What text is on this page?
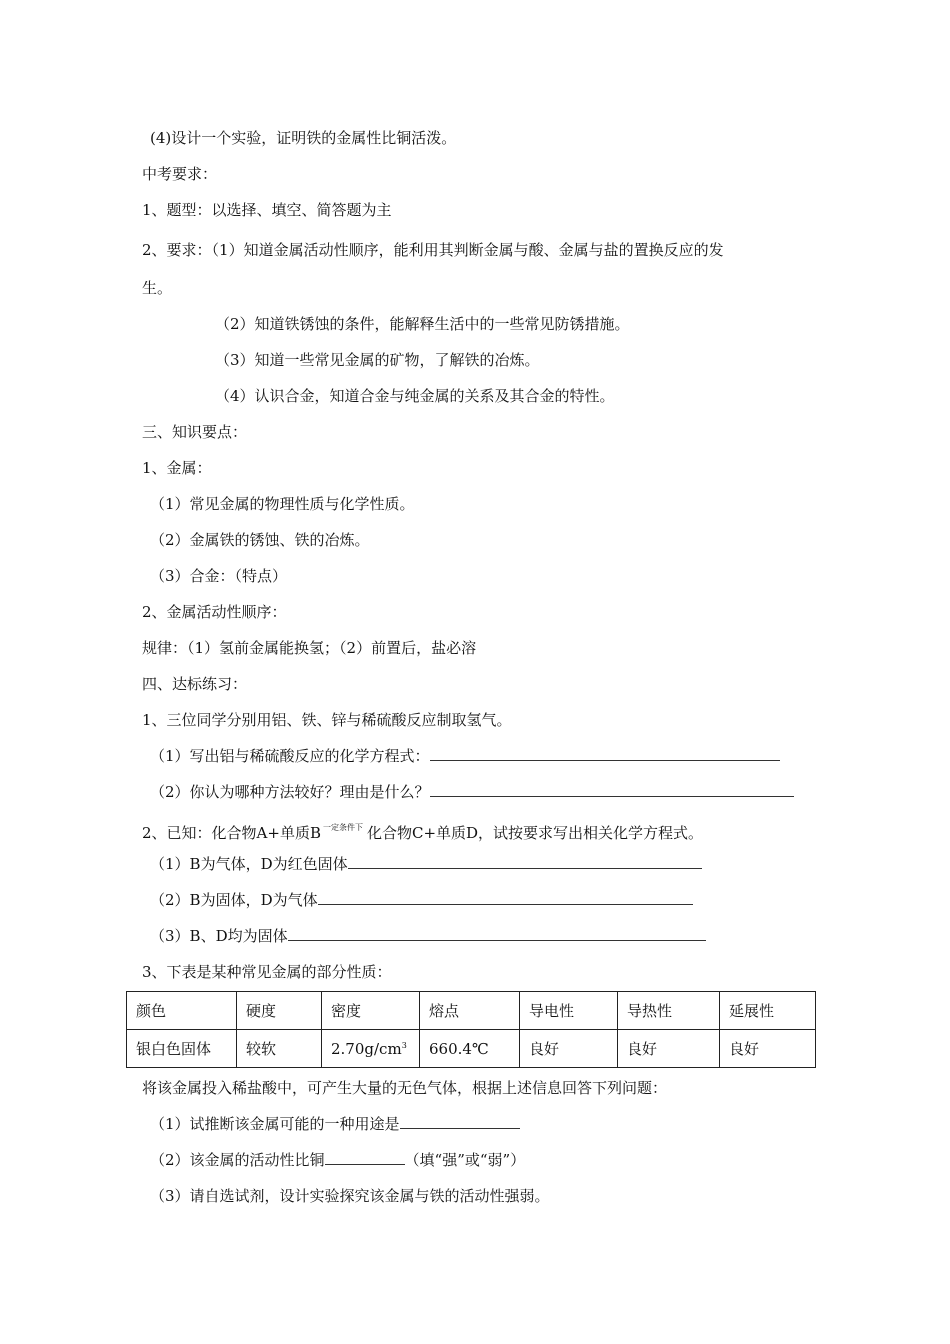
(4)设计一个实验，证明铁的金属性比铜活泼。
中考要求：
1、题型：以选择、填空、简答题为主
2、要求：（1）知道金属活动性顺序，能利用其判断金属与酸、金属与盐的置换反应的发
生。
（2）知道铁锈蚀的条件，能解释生活中的一些常见防锈措施。
（3）知道一些常见金属的矿物，了解铁的冶炼。
（4）认识合金，知道合金与纯金属的关系及其合金的特性。
三、知识要点：
1、金属：
（1）常见金属的物理性质与化学性质。
（2）金属铁的锈蚀、铁的冶炼。
（3）合金：（特点）
2、金属活动性顺序：
规律：（1）氢前金属能换氢；（2）前置后，盐必溶
四、达标练习：
1、三位同学分别用铝、铁、锌与稀硫酸反应制取氢气。
（1）写出铝与稀硫酸反应的化学方程式：
（2）你认为哪种方法较好？理由是什么？
2、已知：化合物A+单质B $^{一定条件下}$ 化合物C+单质D，试按要求写出相关化学方程式。
（1）B为气体，D为红色固体
（2）B为固体，D为气体
（3）B、D均为固体
3、下表是某种常见金属的部分性质：
颜色	硬度	密度	熔点	导电性	导热性	延展性
银白色固体	较软	$2.70g/cm^3$	660.4℃	良好	良好	良好
将该金属投入稀盐酸中，可产生大量的无色气体，根据上述信息回答下列问题：
（1）试推断该金属可能的一种用途是
（2）该金属的活动性比铜	（填“强”或“弱”）
（3）请自选试剂，设计实验探究该金属与铁的活动性强弱。
